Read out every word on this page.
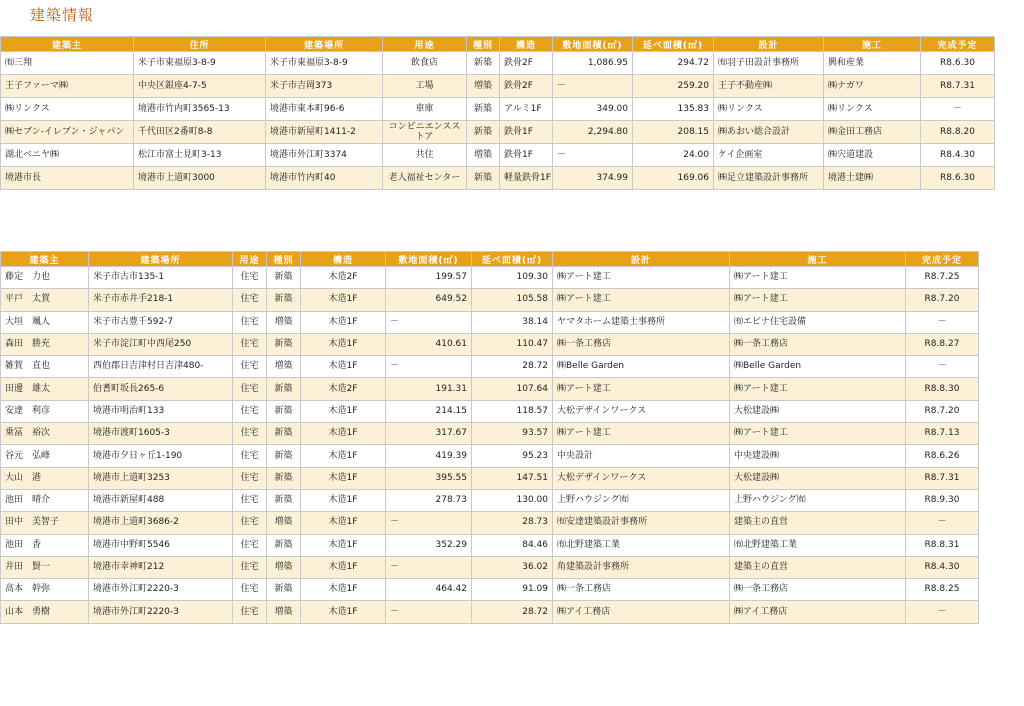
建築情報
建築主	住所	建築場所	用途	種別	構造	敷地面積(㎡)	延べ面積(㎡)	設計	施工	完成予定
㈲三翔	米子市東福原3-8-9	米子市東福原3-8-9	飲食店	新築	鉄骨2F	1,086.95	294.72	㈲羽子田設計事務所	興和産業	R8.6.30
王子ファーマ㈱	中央区銀座4-7-5	米子市吉岡373	工場	増築	鉄骨2F	－	259.20	王子不動産㈱	㈱ナガワ	R8.7.31
㈱リンクス	境港市竹内町3565-13	境港市東本町96-6	車庫	新築	アルミ1F	349.00	135.83	㈱リンクス	㈱リンクス	－
㈱セブン-イレブン・ジャパン	千代田区2番町8-8	境港市新屋町1411-2	コンビニエンスストア	新築	鉄骨1F	2,294.80	208.15	㈱あおい総合設計	㈱金田工務店	R8.8.20
湖北ベニヤ㈱	松江市富士見町3-13	境港市外江町3374	共住	増築	鉄骨1F	－	24.00	ケイ企画室	㈱宍道建設	R8.4.30
境港市長	境港市上道町3000	境港市竹内町40	老人福祉センター	新築	軽量鉄骨1F	374.99	169.06	㈱足立建築設計事務所	境港土建㈱	R8.6.30
建築主	建築場所	用途	種別	構造	敷地面積(㎡)	延べ面積(㎡)	設計	施工	完成予定
藤定　力也	米子市古市135-1	住宅	新築	木造2F	199.57	109.30	㈱アート建工	㈱アート建工	R8.7.25
平戸　太賀	米子市赤井手218-1	住宅	新築	木造1F	649.52	105.58	㈱アート建工	㈱アート建工	R8.7.20
大垣　颯人	米子市古豊千592-7	住宅	増築	木造1F	－	38.14	ヤマタホーム建築士事務所	㈲エビナ住宅設備	－
森田　勝充	米子市淀江町中西尾250	住宅	新築	木造1F	410.61	110.47	㈱一条工務店	㈱一条工務店	R8.8.27
雑賀　直也	西伯郡日吉津村日吉津480-	住宅	増築	木造1F	－	28.72	㈱Belle Garden	㈱Belle Garden	－
田邊　雄太	伯耆町坂長265-6	住宅	新築	木造2F	191.31	107.64	㈱アート建工	㈱アート建工	R8.8.30
安達　利彦	境港市明治町133	住宅	新築	木造1F	214.15	118.57	大松デザインワークス	大松建設㈱	R8.7.20
乗冨　裕次	境港市渡町1605-3	住宅	新築	木造1F	317.67	93.57	㈱アート建工	㈱アート建工	R8.7.13
谷元　弘峰	境港市夕日ヶ丘1-190	住宅	新築	木造1F	419.39	95.23	中央設計	中央建設㈱	R8.6.26
大山　港	境港市上道町3253	住宅	新築	木造1F	395.55	147.51	大松デザインワークス	大松建設㈱	R8.7.31
池田　晴介	境港市新屋町488	住宅	新築	木造1F	278.73	130.00	上野ハウジング㈲	上野ハウジング㈲	R8.9.30
田中　美智子	境港市上道町3686-2	住宅	増築	木造1F	－	28.73	㈲安達建築設計事務所	建築主の直営	－
池田　香	境港市中野町5546	住宅	新築	木造1F	352.29	84.46	㈲北野建築工業	㈲北野建築工業	R8.8.31
井田　賢一	境港市幸神町212	住宅	増築	木造1F	－	36.02	角建築設計事務所	建築主の直営	R8.4.30
高本　幹弥	境港市外江町2220-3	住宅	新築	木造1F	464.42	91.09	㈱一条工務店	㈱一条工務店	R8.8.25
山本　勇樹	境港市外江町2220-3	住宅	増築	木造1F	－	28.72	㈱アイ工務店	㈱アイ工務店	－
